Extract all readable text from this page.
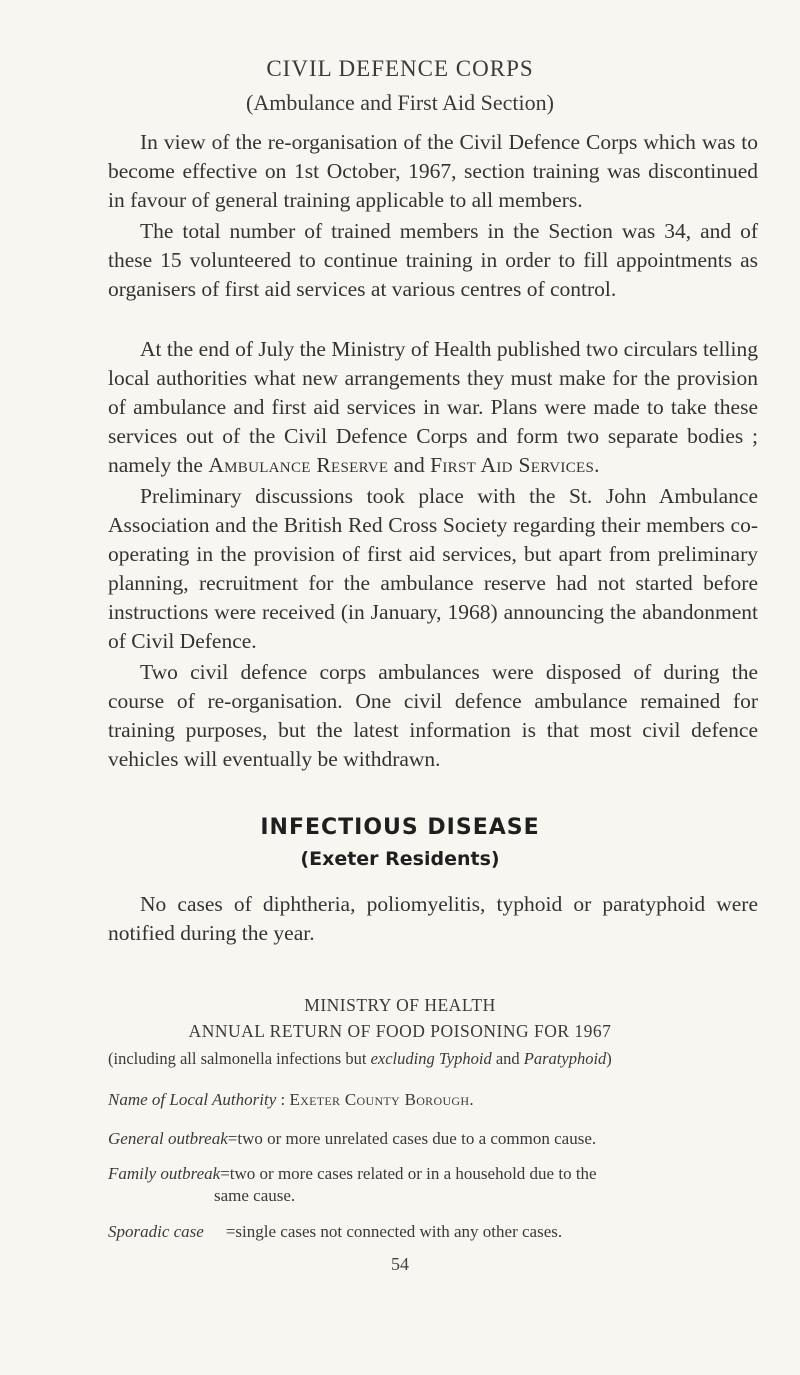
CIVIL DEFENCE CORPS
(Ambulance and First Aid Section)

In view of the re-organisation of the Civil Defence Corps which was to become effective on 1st October, 1967, section training was discontinued in favour of general training applicable to all members.

The total number of trained members in the Section was 34, and of these 15 volunteered to continue training in order to fill appointments as organisers of first aid services at various centres of control.

At the end of July the Ministry of Health published two circulars telling local authorities what new arrangements they must make for the provision of ambulance and first aid services in war. Plans were made to take these services out of the Civil Defence Corps and form two separate bodies ; namely the Ambulance Reserve and First Aid Services.

Preliminary discussions took place with the St. John Ambulance Association and the British Red Cross Society regarding their members co-operating in the provision of first aid services, but apart from preliminary planning, recruitment for the ambulance reserve had not started before instructions were received (in January, 1968) announcing the abandonment of Civil Defence.

Two civil defence corps ambulances were disposed of during the course of re-organisation. One civil defence ambulance remained for training purposes, but the latest information is that most civil defence vehicles will eventually be withdrawn.

INFECTIOUS DISEASE
(Exeter Residents)

No cases of diphtheria, poliomyelitis, typhoid or paratyphoid were notified during the year.

MINISTRY OF HEALTH
ANNUAL RETURN OF FOOD POISONING FOR 1967
(including all salmonella infections but excluding Typhoid and Paratyphoid)
Name of Local Authority : Exeter County Borough.
General outbreak=two or more unrelated cases due to a common cause.
Family outbreak=two or more cases related or in a household due to the
same cause.
Sporadic case =single cases not connected with any other cases.
54
